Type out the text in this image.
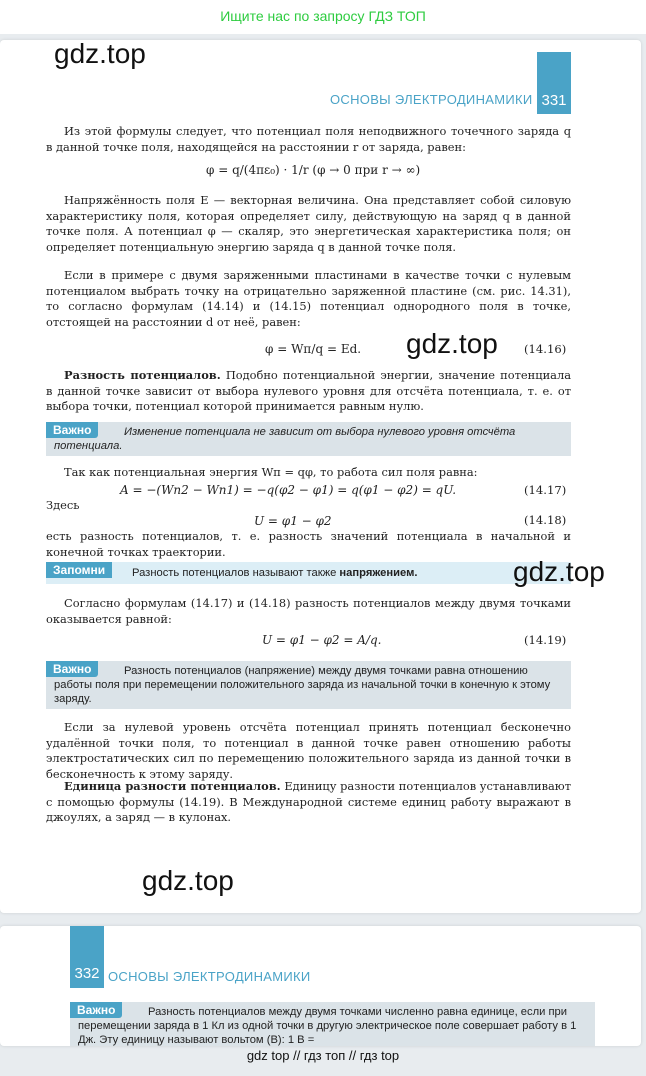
Ищите нас по запросу ГДЗ ТОП
gdz.top
ОСНОВЫ ЭЛЕКТРОДИНАМИКИ 331
Из этой формулы следует, что потенциал поля неподвижного точечного заряда q в данной точке поля, находящейся на расстоянии r от заряда, равен:
φ = q/(4πε₀) · 1/r (φ → 0 при r → ∞)
Напряжённость поля E — векторная величина. Она представляет собой силовую характеристику поля, которая определяет силу, действующую на заряд q в данной точке поля. А потенциал φ — скаляр, это энергетическая характеристика поля; он определяет потенциальную энергию заряда q в данной точке поля.
Если в примере с двумя заряженными пластинами в качестве точки с нулевым потенциалом выбрать точку на отрицательно заряженной пластине (см. рис. 14.31), то согласно формулам (14.14) и (14.15) потенциал однородного поля в точке, отстоящей на расстоянии d от неё, равен:
φ = Wп/q = Ed. gdz.top (14.16)
Разность потенциалов. Подобно потенциальной энергии, значение потенциала в данной точке зависит от выбора нулевого уровня для отсчёта потенциала, т. е. от выбора точки, потенциал которой принимается равным нулю.
Важно	Изменение потенциала не зависит от выбора нулевого уровня отсчёта потенциала.
Так как потенциальная энергия Wп = qφ, то работа сил поля равна:
A = −(Wп2 − Wп1) = −q(φ2 − φ1) = q(φ1 − φ2) = qU.	(14.17)
Здесь
U = φ1 − φ2	(14.18)
есть разность потенциалов, т. е. разность значений потенциала в начальной и конечной точках траектории.
Запомни	Разность потенциалов называют также напряжением.	gdz.top
Согласно формулам (14.17) и (14.18) разность потенциалов между двумя точками оказывается равной:
U = φ1 − φ2 = A/q.	(14.19)
Важно	Разность потенциалов (напряжение) между двумя точками равна отношению работы поля при перемещении положительного заряда из начальной точки в конечную к этому заряду.
Если за нулевой уровень отсчёта потенциал принять потенциал бесконечно удалённой точки поля, то потенциал в данной точке равен отношению работы электростатических сил по перемещению положительного заряда из данной точки в бесконечность к этому заряду.
Единица разности потенциалов. Единицу разности потенциалов устанавливают с помощью формулы (14.19). В Международной системе единиц работу выражают в джоулях, а заряд — в кулонах.
gdz.top
332 ОСНОВЫ ЭЛЕКТРОДИНАМИКИ
Важно	Разность потенциалов между двумя точками численно равна единице, если при перемещении заряда в 1 Кл из одной точки в другую электрическое поле совершает работу в 1 Дж. Эту единицу называют вольтом (В): 1 В =
gdz top // гдз топ // гдз top
